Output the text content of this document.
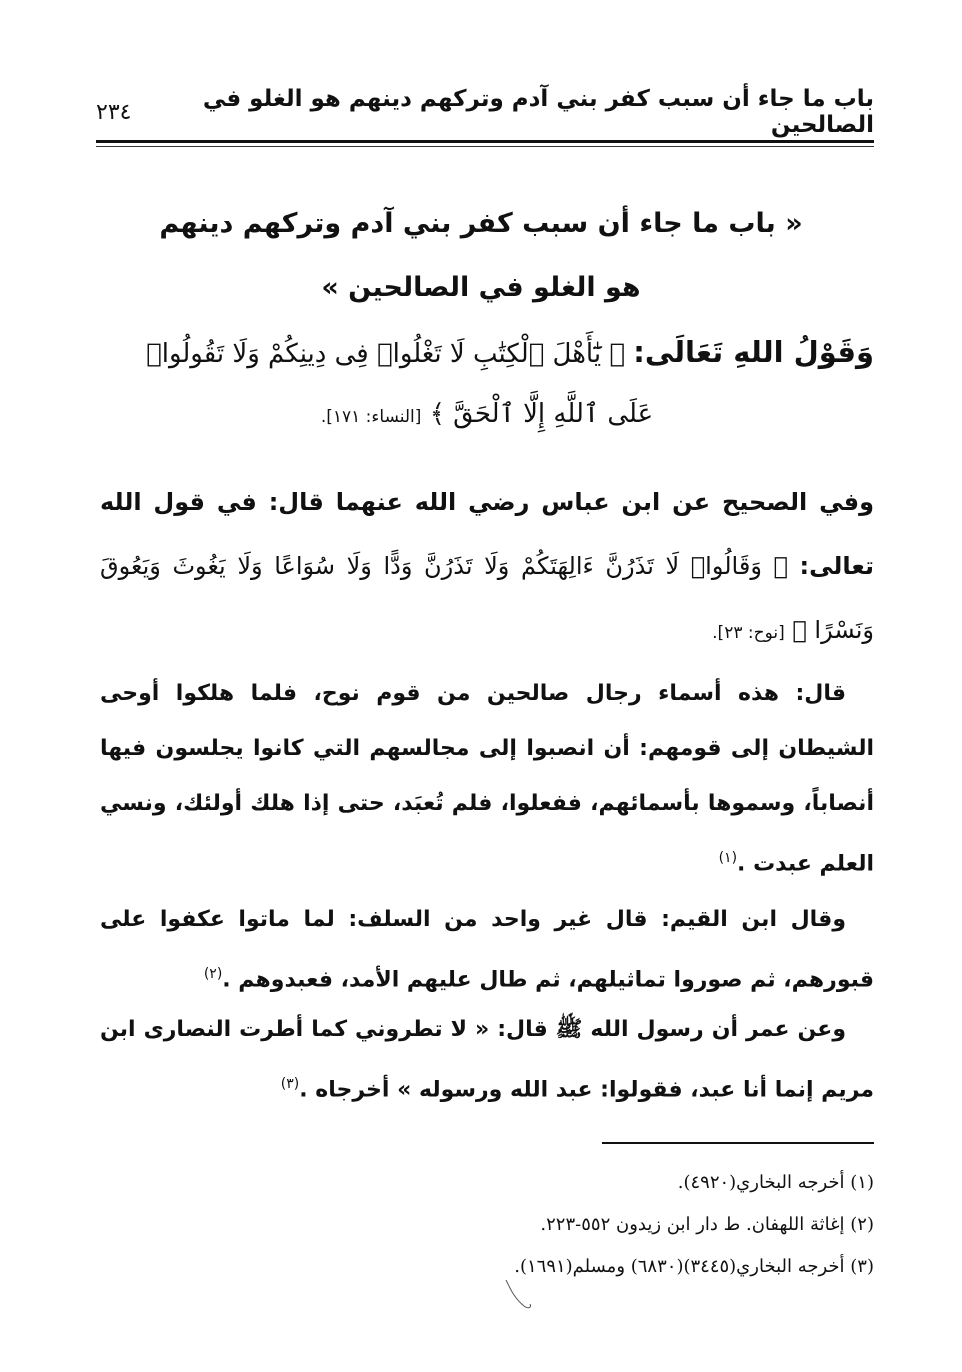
باب ما جاء أن سبب كفر بني آدم وتركهم دينهم هو الغلو في الصالحين
٢٣٤
« باب ما جاء أن سبب كفر بني آدم وتركهم دينهم
هو الغلو في الصالحين »
وَقَوْلُ اللهِ تَعَالَى: ﴿ يَٰٓأَهْلَ ٱلْكِتَٰبِ لَا تَغْلُوا۟ فِى دِينِكُمْ وَلَا تَقُولُوا۟
عَلَى ٱللَّهِ إِلَّا ٱلْحَقَّ ﴾ [النساء: ١٧١].
وفي الصحيح عن ابن عباس رضي الله عنهما قال: في قول الله تعالى: ﴿ وَقَالُوا۟ لَا تَذَرُنَّ ءَالِهَتَكُمْ وَلَا تَذَرُنَّ وَدًّا وَلَا سُوَاعًا وَلَا يَغُوثَ وَيَعُوقَ وَنَسْرًا ﴾ [نوح: ٢٣].
قال: هذه أسماء رجال صالحين من قوم نوح، فلما هلكوا أوحى الشيطان إلى قومهم: أن انصبوا إلى مجالسهم التي كانوا يجلسون فيها أنصاباً، وسموها بأسمائهم، ففعلوا، فلم تُعبَد، حتى إذا هلك أولئك، ونسي العلم عبدت .$^{(١)}$
وقال ابن القيم: قال غير واحد من السلف: لما ماتوا عكفوا على قبورهم، ثم صوروا تماثيلهم، ثم طال عليهم الأمد، فعبدوهم .$^{(٢)}$
وعن عمر أن رسول الله ﷺ قال: « لا تطروني كما أطرت النصارى ابن مريم إنما أنا عبد، فقولوا: عبد الله ورسوله » أخرجاه .$^{(٣)}$
(١) أخرجه البخاري(٤٩٢٠).
(٢) إغاثة اللهفان. ط دار ابن زيدون ٥٥٢-٢٢٣.
(٣) أخرجه البخاري(٣٤٤٥)(٦٨٣٠) ومسلم(١٦٩١).
